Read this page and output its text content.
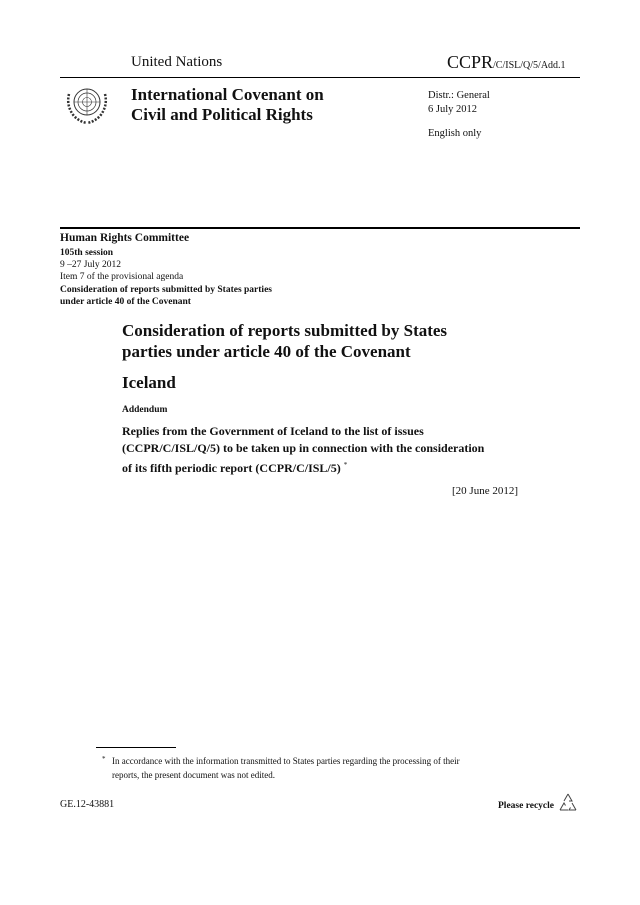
United Nations	CCPR/C/ISL/Q/5/Add.1
International Covenant on
Civil and Political Rights
Distr.: General
6 July 2012
English only
Human Rights Committee
105th session
9 –27 July 2012
Item 7 of the provisional agenda
Consideration of reports submitted by States parties
under article 40 of the Covenant
Consideration of reports submitted by States
parties under article 40 of the Covenant
Iceland
Addendum
Replies from the Government of Iceland to the list of issues
(CCPR/C/ISL/Q/5) to be taken up in connection with the consideration
of its fifth periodic report (CCPR/C/ISL/5) *
[20 June 2012]
* In accordance with the information transmitted to States parties regarding the processing of their
reports, the present document was not edited.
GE.12-43881	Please recycle
